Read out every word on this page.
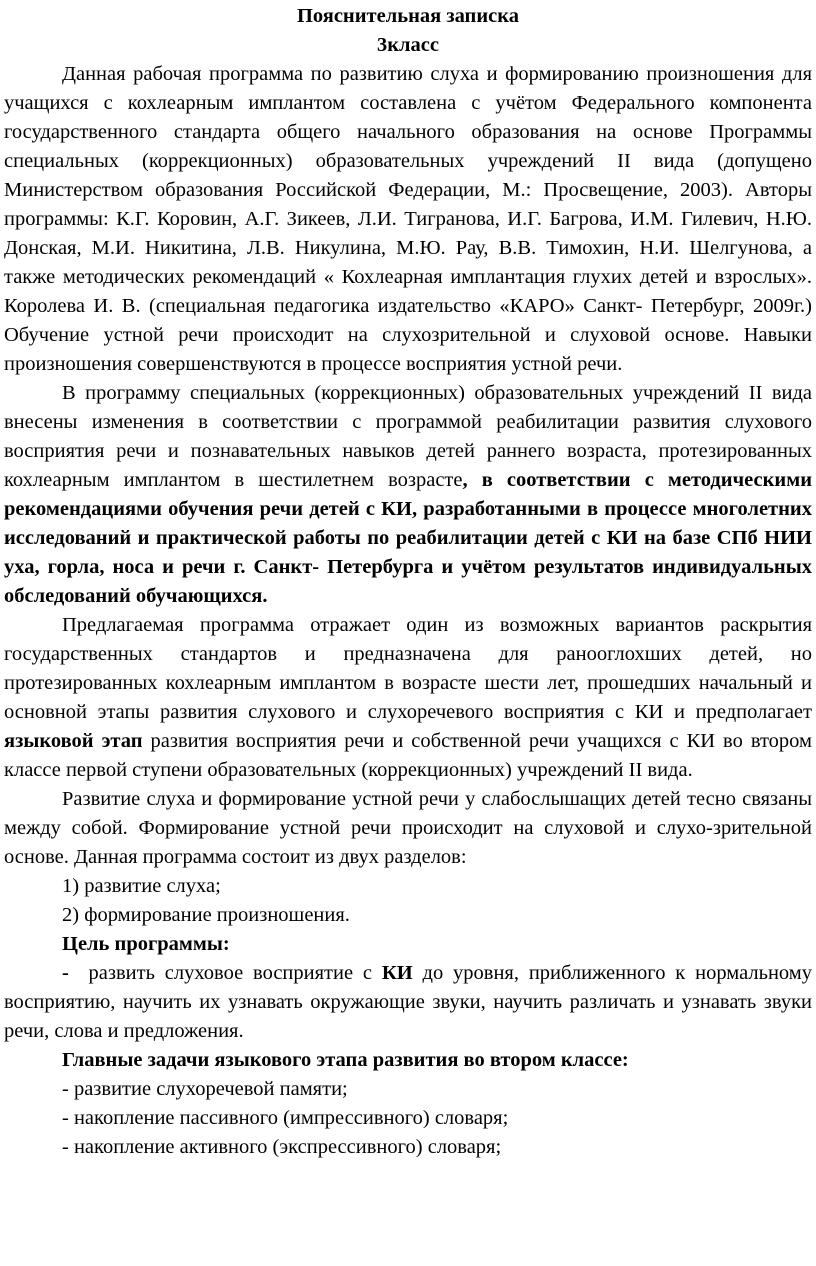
Пояснительная записка
3класс

Данная рабочая программа по развитию слуха и формированию произношения для учащихся с кохлеарным имплантом составлена с учётом Федерального компонента государственного стандарта общего начального образования на основе Программы специальных (коррекционных) образовательных учреждений II вида (допущено Министерством образования Российской Федерации, М.: Просвещение, 2003). Авторы программы: К.Г. Коровин, А.Г. Зикеев, Л.И. Тигранова, И.Г. Багрова, И.М. Гилевич, Н.Ю. Донская, М.И. Никитина, Л.В. Никулина, М.Ю. Рау, В.В. Тимохин, Н.И. Шелгунова, а также методических рекомендаций « Кохлеарная имплантация глухих детей и взрослых». Королева И. В. (специальная педагогика издательство «КАРО» Санкт- Петербург, 2009г.) Обучение устной речи происходит на слухозрительной и слуховой основе. Навыки произношения совершенствуются в процессе восприятия устной речи.

В программу специальных (коррекционных) образовательных учреждений II вида внесены изменения в соответствии с программой реабилитации развития слухового восприятия речи и познавательных навыков детей раннего возраста, протезированных кохлеарным имплантом в шестилетнем возрасте, в соответствии с методическими рекомендациями обучения речи детей с КИ, разработанными в процессе многолетних исследований и практической работы по реабилитации детей с КИ на базе СПб НИИ уха, горла, носа и речи г. Санкт- Петербурга и учётом результатов индивидуальных обследований обучающихся.

Предлагаемая программа отражает один из возможных вариантов раскрытия государственных стандартов и предназначена для ранооглохших детей, но протезированных кохлеарным имплантом в возрасте шести лет, прошедших начальный и основной этапы развития слухового и слухоречевого восприятия с КИ и предполагает языковой этап развития восприятия речи и собственной речи учащихся с КИ во втором классе первой ступени образовательных (коррекционных) учреждений II вида.

Развитие слуха и формирование устной речи у слабослышащих детей тесно связаны между собой. Формирование устной речи происходит на слуховой и слухо-зрительной основе. Данная программа состоит из двух разделов:

1) развитие слуха;
2) формирование произношения.
Цель программы:

- развить слуховое восприятие с КИ до уровня, приближенного к нормальному восприятию, научить их узнавать окружающие звуки, научить различать и узнавать звуки речи, слова и предложения.

Главные задачи языкового этапа развития во втором классе:
- развитие слухоречевой памяти;
- накопление пассивного (импрессивного) словаря;
- накопление активного (экспрессивного) словаря;
